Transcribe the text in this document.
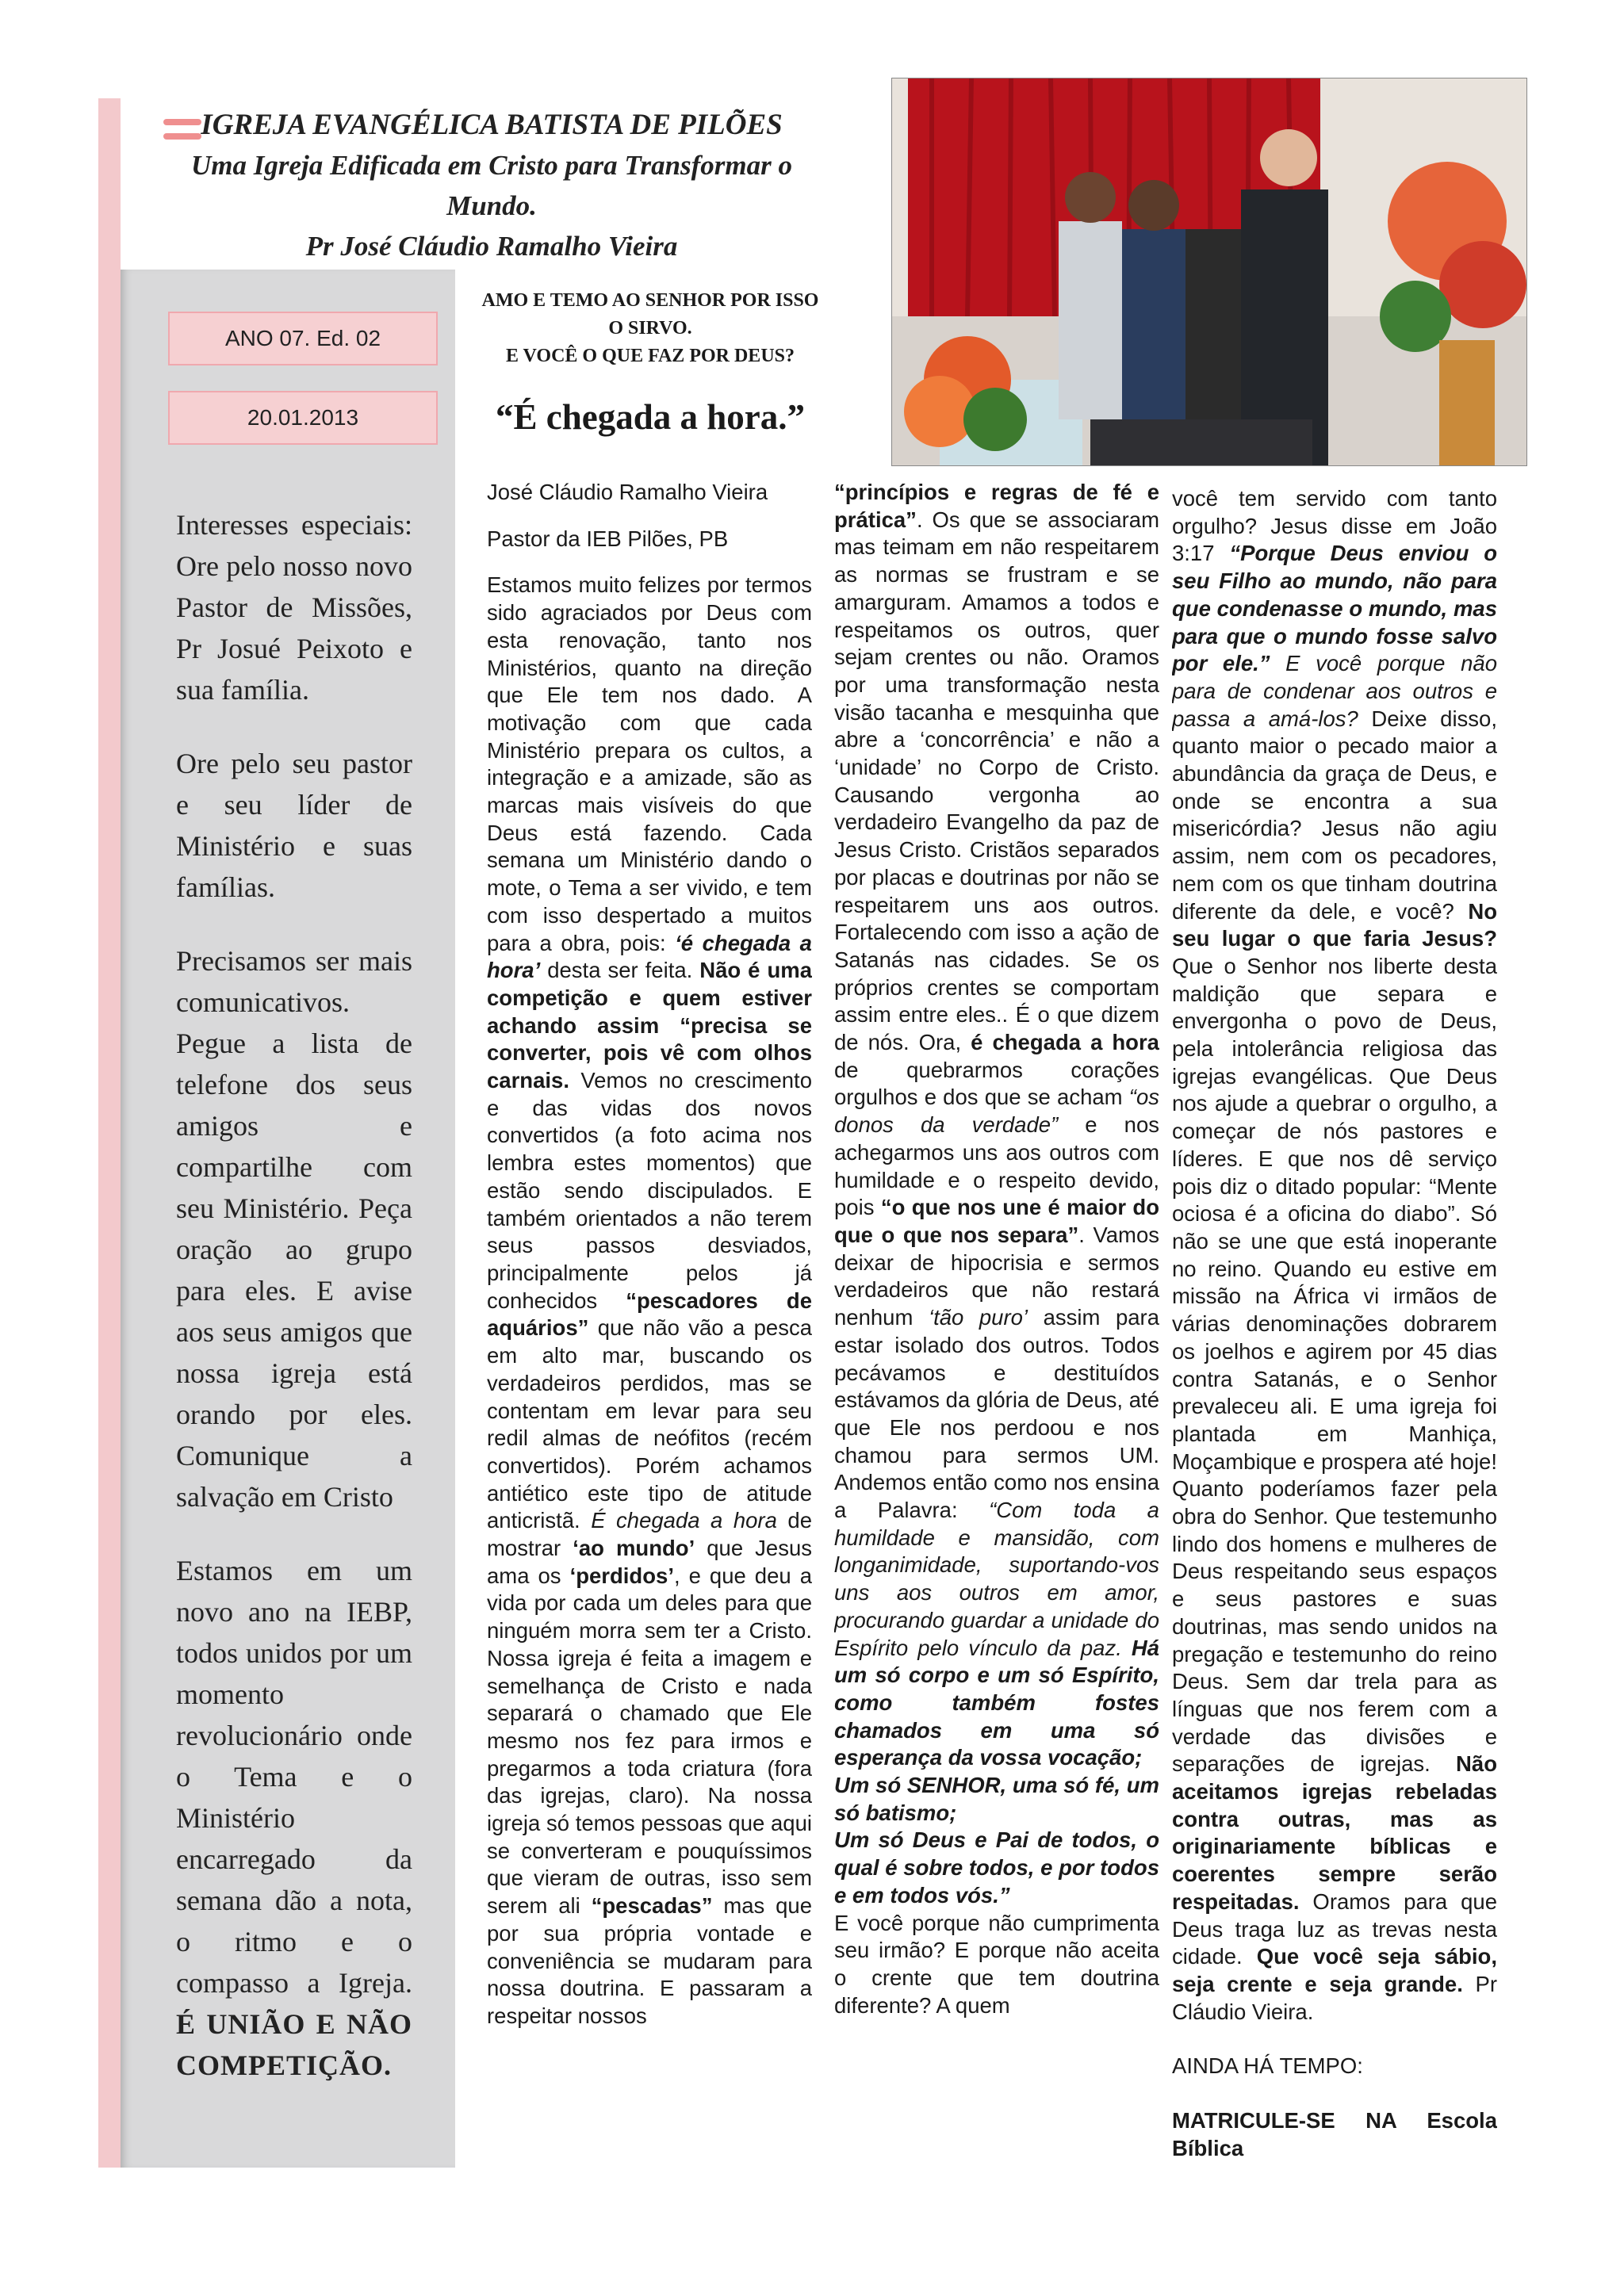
IGREJA EVANGÉLICA BATISTA DE PILÕES
Uma Igreja Edificada em Cristo para Transformar o Mundo.
Pr José Cláudio Ramalho Vieira
ANO 07. Ed. 02
20.01.2013
AMO E TEMO AO SENHOR POR ISSO O SIRVO.
E VOCÊ O QUE FAZ POR DEUS?
“É chegada a hora.”

Interesses especiais: Ore pelo nosso novo Pastor de Missões, Pr Josué Peixoto e sua família.

Ore pelo seu pastor e seu líder de Ministério e suas famílias.

Precisamos ser mais comunicativos. Pegue a lista de telefone dos seus amigos e compartilhe com seu Ministério. Peça oração ao grupo para eles. E avise aos seus amigos que nossa igreja está orando por eles. Comunique a salvação em Cristo

Estamos em um novo ano na IEBP, todos unidos por um momento revolucionário onde o Tema e o Ministério encarregado da semana dão a nota, o ritmo e o compasso a Igreja. É UNIÃO E NÃO COMPETIÇÃO.

José Cláudio Ramalho Vieira

Pastor da IEB Pilões, PB

Estamos muito felizes por termos sido agraciados por Deus com esta renovação, tanto nos Ministérios, quanto na direção que Ele tem nos dado. A motivação com que cada Ministério prepara os cultos, a integração e a amizade, são as marcas mais visíveis do que Deus está fazendo. Cada semana um Ministério dando o mote, o Tema a ser vivido, e tem com isso despertado a muitos para a obra, pois: ‘é chegada a hora’ desta ser feita. Não é uma competição e quem estiver achando assim “precisa se converter, pois vê com olhos carnais. Vemos no crescimento e das vidas dos novos convertidos (a foto acima nos lembra estes momentos) que estão sendo discipulados. E também orientados a não terem seus passos desviados, principalmente pelos já conhecidos “pescadores de aquários” que não vão a pesca em alto mar, buscando os verdadeiros perdidos, mas se contentam em levar para seu redil almas de neófitos (recém convertidos). Porém achamos antiético este tipo de atitude anticristã. É chegada a hora de mostrar ‘ao mundo’ que Jesus ama os ‘perdidos’, e que deu a vida por cada um deles para que ninguém morra sem ter a Cristo. Nossa igreja é feita a imagem e semelhança de Cristo e nada separará o chamado que Ele mesmo nos fez para irmos e pregarmos a toda criatura (fora das igrejas, claro). Na nossa igreja só temos pessoas que aqui se converteram e pouquíssimos que vieram de outras, isso sem serem ali “pescadas” mas que por sua própria vontade e conveniência se mudaram para nossa doutrina. E passaram a respeitar nossos

“princípios e regras de fé e prática”. Os que se associaram mas teimam em não respeitarem as normas se frustram e se amarguram. Amamos a todos e respeitamos os outros, quer sejam crentes ou não. Oramos por uma transformação nesta visão tacanha e mesquinha que abre a ‘concorrência’ e não a ‘unidade’ no Corpo de Cristo. Causando vergonha ao verdadeiro Evangelho da paz de Jesus Cristo. Cristãos separados por placas e doutrinas por não se respeitarem uns aos outros. Fortalecendo com isso a ação de Satanás nas cidades. Se os próprios crentes se comportam assim entre eles.. É o que dizem de nós. Ora, é chegada a hora de quebrarmos corações orgulhos e dos que se acham “os donos da verdade” e nos achegarmos uns aos outros com humildade e o respeito devido, pois “o que nos une é maior do que o que nos separa”. Vamos deixar de hipocrisia e sermos verdadeiros que não restará nenhum ‘tão puro’ assim para estar isolado dos outros. Todos pecávamos e destituídos estávamos da glória de Deus, até que Ele nos perdoou e nos chamou para sermos UM. Andemos então como nos ensina a Palavra: “Com toda a humildade e mansidão, com longanimidade, suportando-vos uns aos outros em amor, procurando guardar a unidade do Espírito pelo vínculo da paz. Há um só corpo e um só Espírito, como também fostes chamados em uma só esperança da vossa vocação;

Um só SENHOR, uma só fé, um só batismo;

Um só Deus e Pai de todos, o qual é sobre todos, e por todos e em todos vós.”

E você porque não cumprimenta seu irmão? E porque não aceita o crente que tem doutrina diferente? A quem

você tem servido com tanto orgulho? Jesus disse em João 3:17 “Porque Deus enviou o seu Filho ao mundo, não para que condenasse o mundo, mas para que o mundo fosse salvo por ele.” E você porque não para de condenar aos outros e passa a amá-los? Deixe disso, quanto maior o pecado maior a abundância da graça de Deus, e onde se encontra a sua misericórdia? Jesus não agiu assim, nem com os pecadores, nem com os que tinham doutrina diferente da dele, e você? No seu lugar o que faria Jesus? Que o Senhor nos liberte desta maldição que separa e envergonha o povo de Deus, pela intolerância religiosa das igrejas evangélicas. Que Deus nos ajude a quebrar o orgulho, a começar de nós pastores e líderes. E que nos dê serviço pois diz o ditado popular: “Mente ociosa é a oficina do diabo”. Só não se une que está inoperante no reino. Quando eu estive em missão na África vi irmãos de várias denominações dobrarem os joelhos e agirem por 45 dias contra Satanás, e o Senhor prevaleceu ali. E uma igreja foi plantada em Manhiça, Moçambique e prospera até hoje! Quanto poderíamos fazer pela obra do Senhor. Que testemunho lindo dos homens e mulheres de Deus respeitando seus espaços e seus pastores e suas doutrinas, mas sendo unidos na pregação e testemunho do reino Deus. Sem dar trela para as línguas que nos ferem com a verdade das divisões e separações de igrejas. Não aceitamos igrejas rebeladas contra outras, mas as originariamente bíblicas e coerentes sempre serão respeitadas. Oramos para que Deus traga luz as trevas nesta cidade. Que você seja sábio, seja crente e seja grande. Pr Cláudio Vieira.

AINDA HÁ TEMPO:

MATRICULE-SE NA Escola Bíblica
